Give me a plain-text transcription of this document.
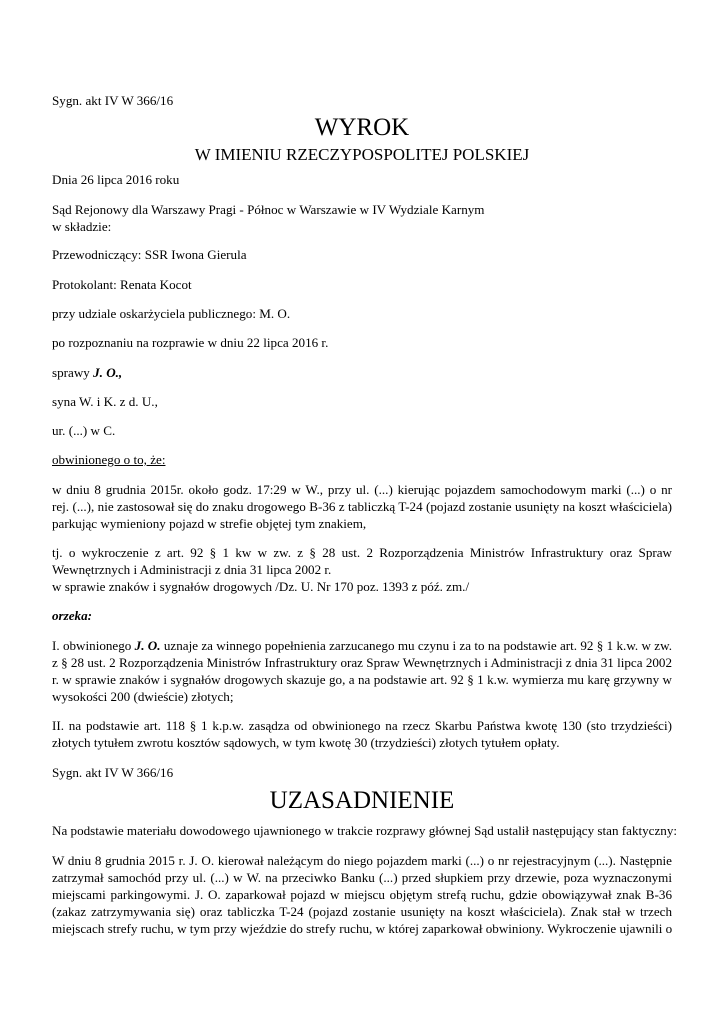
Sygn. akt IV W 366/16
WYROK
W IMIENIU RZECZYPOSPOLITEJ POLSKIEJ
Dnia 26 lipca 2016 roku
Sąd Rejonowy dla Warszawy Pragi - Północ w Warszawie w IV Wydziale Karnym
w składzie:
Przewodniczący: SSR Iwona Gierula
Protokolant: Renata Kocot
przy udziale oskarżyciela publicznego: M. O.
po rozpoznaniu na rozprawie w dniu 22 lipca 2016 r.
sprawy J. O.,
syna W. i K. z d. U.,
ur. (...) w C.
obwinionego o to, że:
w dniu 8 grudnia 2015r. około godz. 17:29 w W., przy ul. (...) kierując pojazdem samochodowym marki (...) o nr
rej. (...), nie zastosował się do znaku drogowego B-36 z tabliczką T-24 (pojazd zostanie usunięty na koszt właściciela)
parkując wymieniony pojazd w strefie objętej tym znakiem,
tj. o wykroczenie z art. 92 § 1 kw w zw. z § 28 ust. 2 Rozporządzenia Ministrów Infrastruktury oraz Spraw
Wewnętrznych i Administracji z dnia 31 lipca 2002 r.
w sprawie znaków i sygnałów drogowych /Dz. U. Nr 170 poz. 1393 z póź. zm./
orzeka:
I. obwinionego J. O. uznaje za winnego popełnienia zarzucanego mu czynu i za to na podstawie art. 92 § 1 k.w. w zw.
z § 28 ust. 2 Rozporządzenia Ministrów Infrastruktury oraz Spraw Wewnętrznych i Administracji z dnia 31 lipca 2002
r. w sprawie znaków i sygnałów drogowych skazuje go, a na podstawie art. 92 § 1 k.w. wymierza mu karę grzywny w
wysokości 200 (dwieście) złotych;
II. na podstawie art. 118 § 1 k.p.w. zasądza od obwinionego na rzecz Skarbu Państwa kwotę 130 (sto trzydzieści)
złotych tytułem zwrotu kosztów sądowych, w tym kwotę 30 (trzydzieści) złotych tytułem opłaty.
Sygn. akt IV W 366/16
UZASADNIENIE
Na podstawie materiału dowodowego ujawnionego w trakcie rozprawy głównej Sąd ustalił następujący stan faktyczny:
W dniu 8 grudnia 2015 r. J. O. kierował należącym do niego pojazdem marki (...) o nr rejestracyjnym (...). Następnie
zatrzymał samochód przy ul. (...) w W. na przeciwko Banku (...) przed słupkiem przy drzewie, poza wyznaczonymi
miejscami parkingowymi. J. O. zaparkował pojazd w miejscu objętym strefą ruchu, gdzie obowiązywał znak B-36
(zakaz zatrzymywania się) oraz tabliczka T-24 (pojazd zostanie usunięty na koszt właściciela). Znak stał w trzech
miejscach strefy ruchu, w tym przy wjeździe do strefy ruchu, w której zaparkował obwiniony. Wykroczenie ujawnili o
